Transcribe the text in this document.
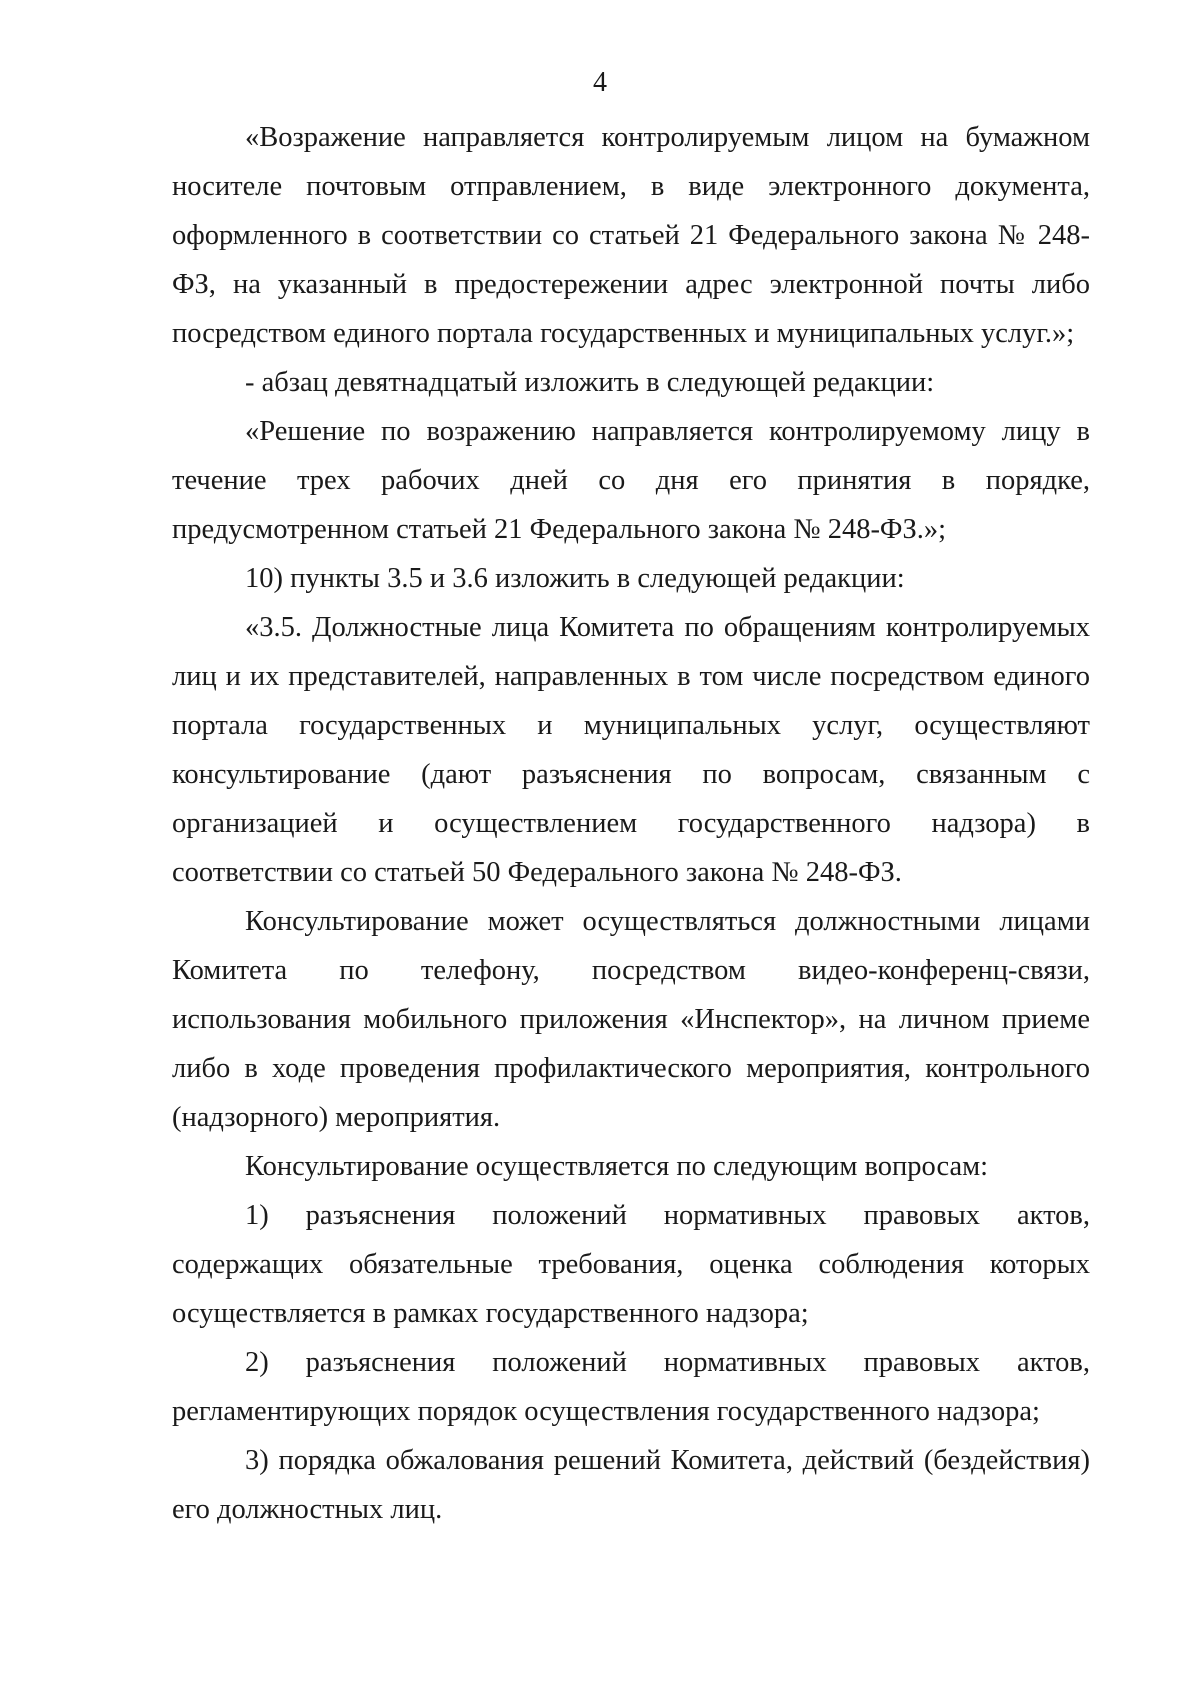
4

«Возражение направляется контролируемым лицом на бумажном носителе почтовым отправлением, в виде электронного документа, оформленного в соответствии со статьей 21 Федерального закона № 248-ФЗ, на указанный в предостережении адрес электронной почты либо посредством единого портала государственных и муниципальных услуг.»;

- абзац девятнадцатый изложить в следующей редакции:

«Решение по возражению направляется контролируемому лицу в течение трех рабочих дней со дня его принятия в порядке, предусмотренном статьей 21 Федерального закона № 248-ФЗ.»;

10) пункты 3.5 и 3.6 изложить в следующей редакции:

«3.5. Должностные лица Комитета по обращениям контролируемых лиц и их представителей, направленных в том числе посредством единого портала государственных и муниципальных услуг, осуществляют консультирование (дают разъяснения по вопросам, связанным с организацией и осуществлением государственного надзора) в соответствии со статьей 50 Федерального закона № 248-ФЗ.

Консультирование может осуществляться должностными лицами Комитета по телефону, посредством видео-конференц-связи, использования мобильного приложения «Инспектор», на личном приеме либо в ходе проведения профилактического мероприятия, контрольного (надзорного) мероприятия.

Консультирование осуществляется по следующим вопросам:

1) разъяснения положений нормативных правовых актов, содержащих обязательные требования, оценка соблюдения которых осуществляется в рамках государственного надзора;

2) разъяснения положений нормативных правовых актов, регламентирующих порядок осуществления государственного надзора;

3) порядка обжалования решений Комитета, действий (бездействия) его должностных лиц.
